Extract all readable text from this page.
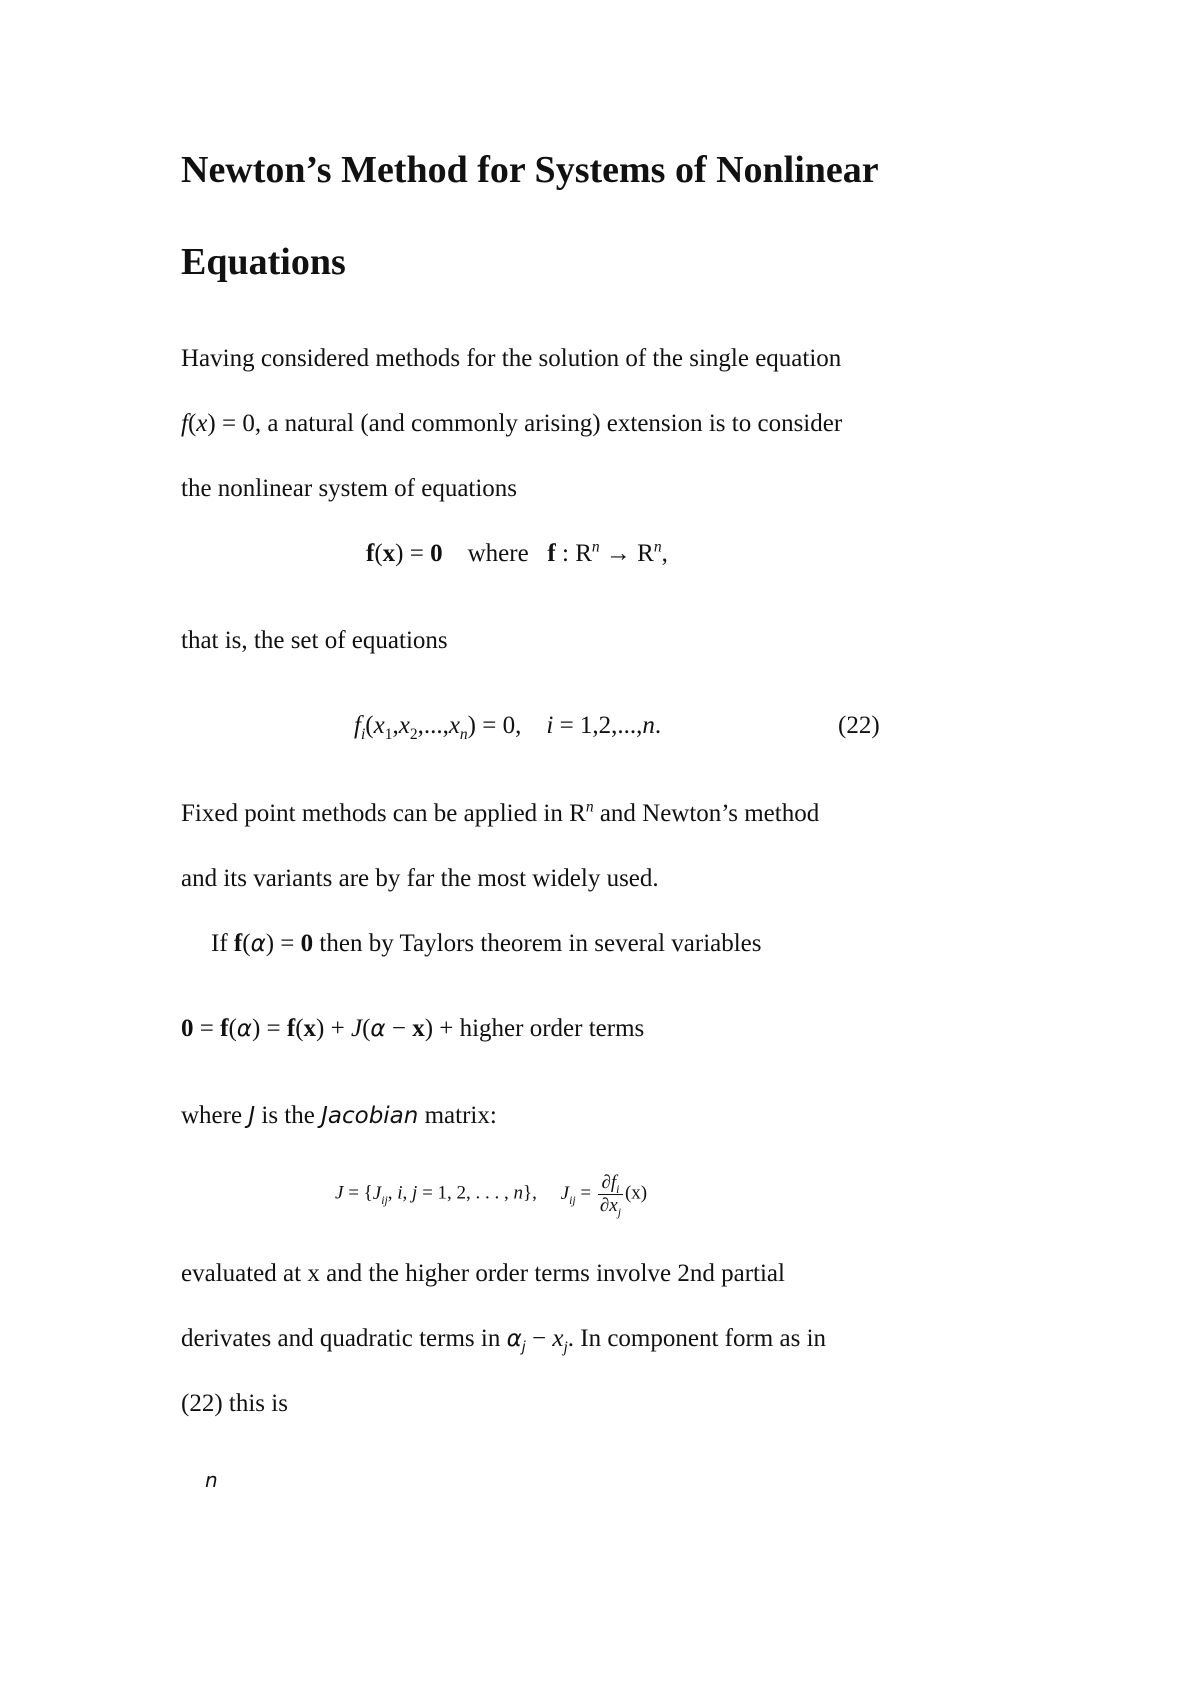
Newton’s Method for Systems of Nonlinear
Equations
Having considered methods for the solution of the single equation
f(x) = 0, a natural (and commonly arising) extension is to consider
the nonlinear system of equations
f(x) = 0    where   f : $R^n \to R^n$,
that is, the set of equations
$f_i(x_1,x_2,...,x_n) = 0$,    i = 1,2,...,n.	(22)
Fixed point methods can be applied in $R^n$ and Newton’s method
and its variants are by far the most widely used.
If f(α) = 0 then by Taylors theorem in several variables
0 = f(α) = f(x) + J(α − x) + higher order terms
where J is the Jacobian matrix:
$J = \{J_{ij}$, i, j = 1, 2, . . . , n},     $J_{ij} = \frac{\partial f_i}{\partial x_j} (x)$
evaluated at x and the higher order terms involve 2nd partial
derivates and quadratic terms in $\alpha_j - x_j$. In component form as in
(22) this is
n
